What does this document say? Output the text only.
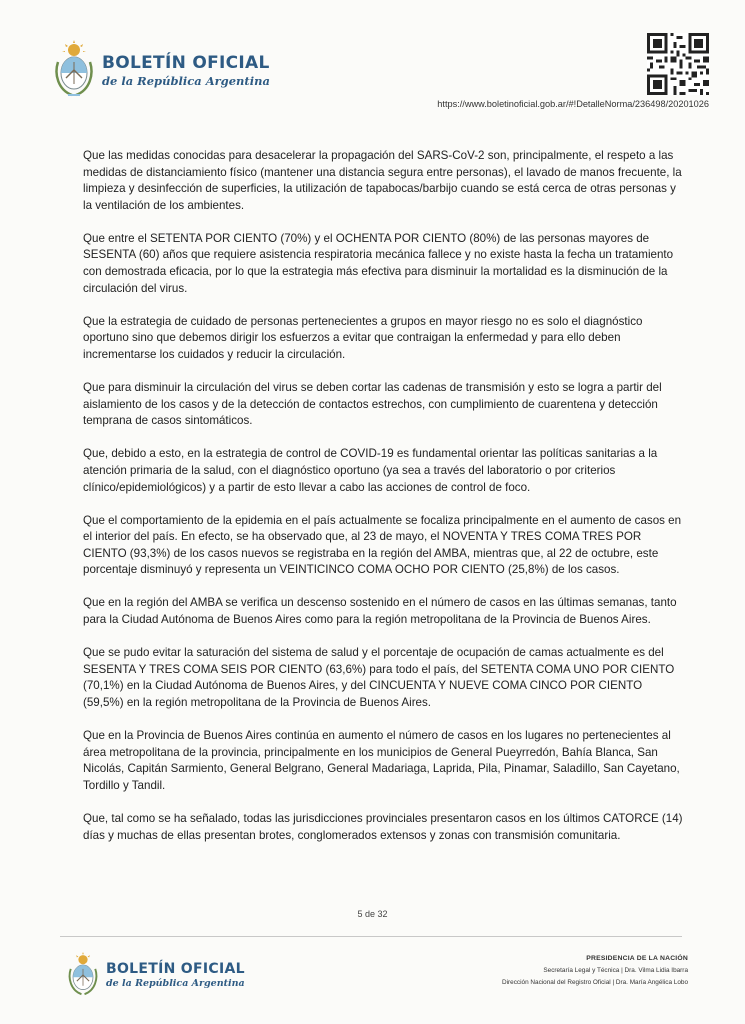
BOLETÍN OFICIAL
de la República Argentina
https://www.boletinoficial.gob.ar/#!DetalleNorma/236498/20201026

Que las medidas conocidas para desacelerar la propagación del SARS-CoV-2 son, principalmente, el respeto a las medidas de distanciamiento físico (mantener una distancia segura entre personas), el lavado de manos frecuente, la limpieza y desinfección de superficies, la utilización de tapabocas/barbijo cuando se está cerca de otras personas y la ventilación de los ambientes.

Que entre el SETENTA POR CIENTO (70%) y el OCHENTA POR CIENTO (80%) de las personas mayores de SESENTA (60) años que requiere asistencia respiratoria mecánica fallece y no existe hasta la fecha un tratamiento con demostrada eficacia, por lo que la estrategia más efectiva para disminuir la mortalidad es la disminución de la circulación del virus.

Que la estrategia de cuidado de personas pertenecientes a grupos en mayor riesgo no es solo el diagnóstico oportuno sino que debemos dirigir los esfuerzos a evitar que contraigan la enfermedad y para ello deben incrementarse los cuidados y reducir la circulación.

Que para disminuir la circulación del virus se deben cortar las cadenas de transmisión y esto se logra a partir del aislamiento de los casos y de la detección de contactos estrechos, con cumplimiento de cuarentena y detección temprana de casos sintomáticos.

Que, debido a esto, en la estrategia de control de COVID-19 es fundamental orientar las políticas sanitarias a la atención primaria de la salud, con el diagnóstico oportuno (ya sea a través del laboratorio o por criterios clínico/epidemiológicos) y a partir de esto llevar a cabo las acciones de control de foco.

Que el comportamiento de la epidemia en el país actualmente se focaliza principalmente en el aumento de casos en el interior del país. En efecto, se ha observado que, al 23 de mayo, el NOVENTA Y TRES COMA TRES POR CIENTO (93,3%) de los casos nuevos se registraba en la región del AMBA, mientras que, al 22 de octubre, este porcentaje disminuyó y representa un VEINTICINCO COMA OCHO POR CIENTO (25,8%) de los casos.

Que en la región del AMBA se verifica un descenso sostenido en el número de casos en las últimas semanas, tanto para la Ciudad Autónoma de Buenos Aires como para la región metropolitana de la Provincia de Buenos Aires.

Que se pudo evitar la saturación del sistema de salud y el porcentaje de ocupación de camas actualmente es del SESENTA Y TRES COMA SEIS POR CIENTO (63,6%) para todo el país, del SETENTA COMA UNO POR CIENTO (70,1%) en la Ciudad Autónoma de Buenos Aires, y del CINCUENTA Y NUEVE COMA CINCO POR CIENTO (59,5%) en la región metropolitana de la Provincia de Buenos Aires.

Que en la Provincia de Buenos Aires continúa en aumento el número de casos en los lugares no pertenecientes al área metropolitana de la provincia, principalmente en los municipios de General Pueyrredón, Bahía Blanca, San Nicolás, Capitán Sarmiento, General Belgrano, General Madariaga, Laprida, Pila, Pinamar, Saladillo, San Cayetano, Tordillo y Tandil.

Que, tal como se ha señalado, todas las jurisdicciones provinciales presentaron casos en los últimos CATORCE (14) días y muchas de ellas presentan brotes, conglomerados extensos y zonas con transmisión comunitaria.

5 de 32
BOLETÍN OFICIAL
de la República Argentina
PRESIDENCIA DE LA NACIÓN
Secretaría Legal y Técnica | Dra. Vilma Lidia Ibarra
Dirección Nacional del Registro Oficial | Dra. María Angélica Lobo
